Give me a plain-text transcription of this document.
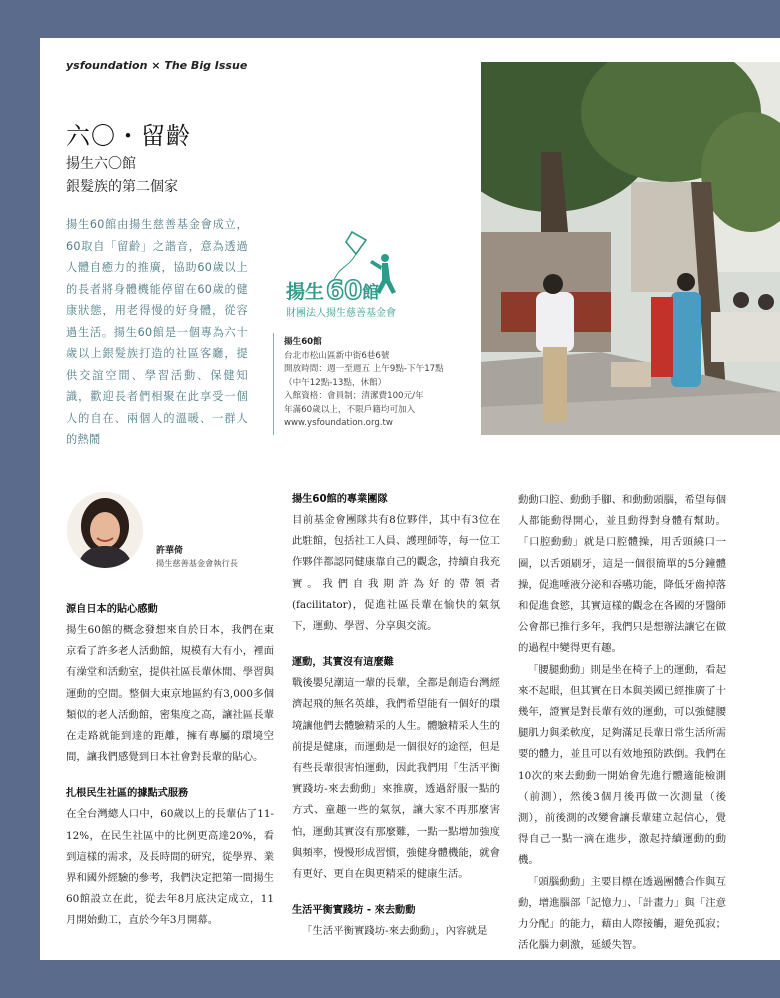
ysfoundation × The Big Issue
六〇・留齡
揚生六〇館
銀髮族的第二個家
揚生60館由揚生慈善基金會成立，60取自「留齡」之諧音，意為透過人體自癒力的推廣，協助60歲以上的長者將身體機能停留在60歲的健康狀態，用老得慢的好身體，從容過生活。揚生60館是一個專為六十歲以上銀髮族打造的社區客廳，提供交誼空間、學習活動、保健知識，歡迎長者們相聚在此享受一個人的自在、兩個人的溫暖、一群人的熱鬧
揚生 60 館
財團法人揚生慈善基金會
揚生60館
台北市松山區新中街6巷6號
開放時間：週一至週五 上午9點-下午17點
（中午12點-13點，休館）
入館資格：會員制；清潔費100元/年
年滿60歲以上，不限戶籍均可加入
www.ysfoundation.org.tw
許華倚
揚生慈善基金會執行長
源自日本的貼心感動

揚生60館的概念發想來自於日本，我們在東京看了許多老人活動館，規模有大有小，裡面有澡堂和活動室，提供社區長輩休閒、學習與運動的空間。整個大東京地區約有3,000多個類似的老人活動館，密集度之高，讓社區長輩在走路就能到達的距離，擁有專屬的環境空間，讓我們感覺到日本社會對長輩的貼心。

扎根民生社區的據點式服務

在全台灣總人口中，60歲以上的長輩佔了11-12%，在民生社區中的比例更高達20%，看到這樣的需求，及長時間的研究，從學界、業界和國外經驗的參考，我們決定把第一間揚生60館設立在此，從去年8月底決定成立，11月開始動工，直於今年3月開幕。

揚生60館的專業團隊

目前基金會團隊共有8位夥伴，其中有3位在此駐館，包括社工人員、護理師等，每一位工作夥伴都認同健康靠自己的觀念，持續自我充實。我們自我期許為好的帶領者(facilitator)，促進社區長輩在愉快的氣氛下，運動、學習、分享與交流。

運動，其實沒有這麼難

戰後嬰兒潮這一輩的長輩，全都是創造台灣經濟起飛的無名英雄，我們希望能有一個好的環境讓他們去體驗精采的人生。體驗精采人生的前提是健康，而運動是一個很好的途徑，但是有些長輩很害怕運動，因此我們用「生活平衡實踐坊-來去動動」來推廣，透過舒服一點的方式、童趣一些的氣氛，讓大家不再那麼害怕，運動其實沒有那麼難，一點一點增加強度與頻率，慢慢形成習慣，強健身體機能，就會有更好、更自在與更精采的健康生活。

生活平衡實踐坊 - 來去動動

「生活平衡實踐坊-來去動動」，內容就是

動動口腔、動動手腳、和動動頭腦，希望每個人都能動得開心，並且動得對身體有幫助。「口腔動動」就是口腔體操，用舌頭繞口一圈，以舌頭刷牙，這是一個很簡單的5分鐘體操，促進唾液分泌和吞嚥功能，降低牙齒掉落和促進食慾，其實這樣的觀念在各國的牙醫師公會都已推行多年，我們只是想辦法讓它在做的過程中變得更有趣。

「腰腿動動」則是坐在椅子上的運動，看起來不起眼，但其實在日本與美國已經推廣了十幾年，證實是對長輩有效的運動，可以強健腰腿肌力與柔軟度，足夠滿足長輩日常生活所需要的體力，並且可以有效地預防跌倒。我們在10次的來去動動一開始會先進行體適能檢測（前測），然後3個月後再做一次測量（後測），前後測的改變會讓長輩建立起信心，覺得自己一點一滴在進步，激起持續運動的動機。

「頭腦動動」主要目標在透過團體合作與互動，增進腦部「記憶力」、「計畫力」與「注意力分配」的能力，藉由人際接觸，避免孤寂；活化腦力刺激，延緩失智。
